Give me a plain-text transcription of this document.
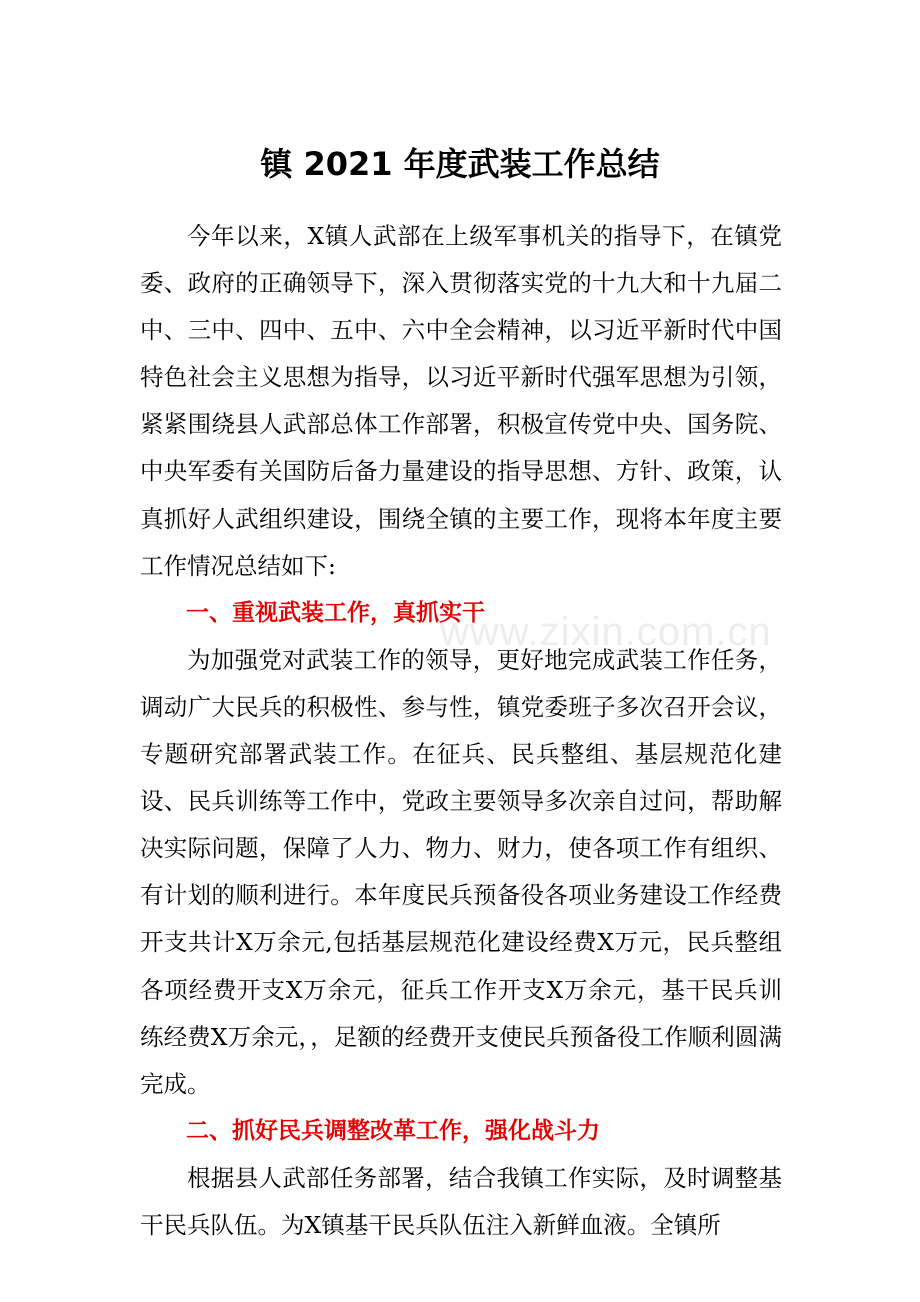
镇 2021 年度武装工作总结

今年以来，X镇人武部在上级军事机关的指导下，在镇党委、政府的正确领导下，深入贯彻落实党的十九大和十九届二中、三中、四中、五中、六中全会精神，以习近平新时代中国特色社会主义思想为指导，以习近平新时代强军思想为引领，紧紧围绕县人武部总体工作部署，积极宣传党中央、国务院、中央军委有关国防后备力量建设的指导思想、方针、政策，认真抓好人武组织建设，围绕全镇的主要工作，现将本年度主要工作情况总结如下:

一、重视武装工作，真抓实干

为加强党对武装工作的领导，更好地完成武装工作任务，调动广大民兵的积极性、参与性，镇党委班子多次召开会议，专题研究部署武装工作。在征兵、民兵整组、基层规范化建设、民兵训练等工作中，党政主要领导多次亲自过问，帮助解决实际问题，保障了人力、物力、财力，使各项工作有组织、有计划的顺利进行。本年度民兵预备役各项业务建设工作经费开支共计X万余元,包括基层规范化建设经费X万元，民兵整组各项经费开支X万余元，征兵工作开支X万余元，基干民兵训练经费X万余元，，足额的经费开支使民兵预备役工作顺利圆满完成。

二、抓好民兵调整改革工作，强化战斗力

根据县人武部任务部署，结合我镇工作实际，及时调整基干民兵队伍。为X镇基干民兵队伍注入新鲜血液。全镇所

www.zixin.com.cn
